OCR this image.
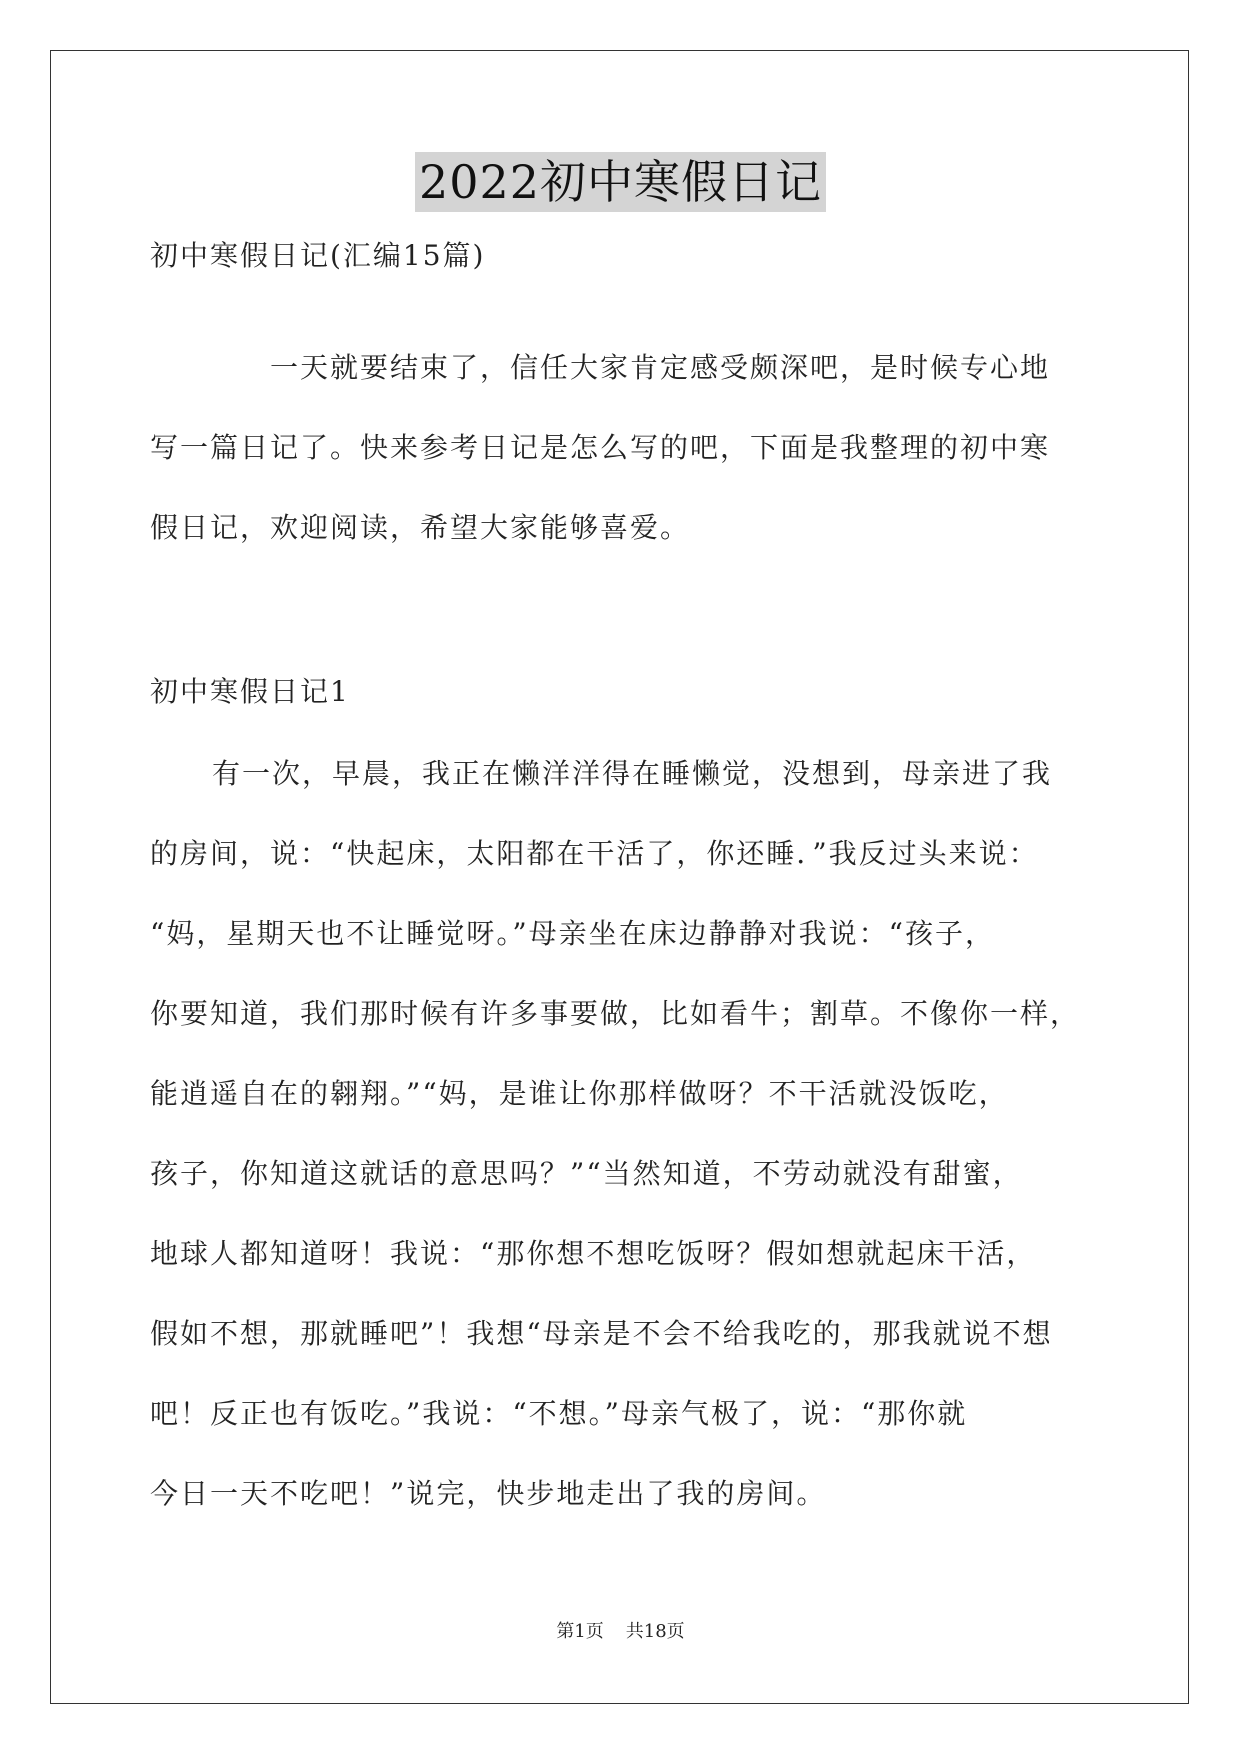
2022初中寒假日记
初中寒假日记(汇编15篇)
一天就要结束了，信任大家肯定感受颇深吧，是时候专心地
写一篇日记了。快来参考日记是怎么写的吧，下面是我整理的初中寒
假日记，欢迎阅读，希望大家能够喜爱。
初中寒假日记1
有一次，早晨，我正在懒洋洋得在睡懒觉，没想到，母亲进了我
的房间，说：“快起床，太阳都在干活了，你还睡．”我反过头来说：
“妈，星期天也不让睡觉呀。”母亲坐在床边静静对我说：“孩子，
你要知道，我们那时候有许多事要做，比如看牛；割草。不像你一样，
能逍遥自在的翱翔。”“妈，是谁让你那样做呀？不干活就没饭吃，
孩子，你知道这就话的意思吗？”“当然知道，不劳动就没有甜蜜，
地球人都知道呀！我说：“那你想不想吃饭呀？假如想就起床干活，
假如不想，那就睡吧”！我想“母亲是不会不给我吃的，那我就说不想
吧！反正也有饭吃。”我说：“不想。”母亲气极了，说：“那你就
今日一天不吃吧！”说完，快步地走出了我的房间。
第1页 共18页
